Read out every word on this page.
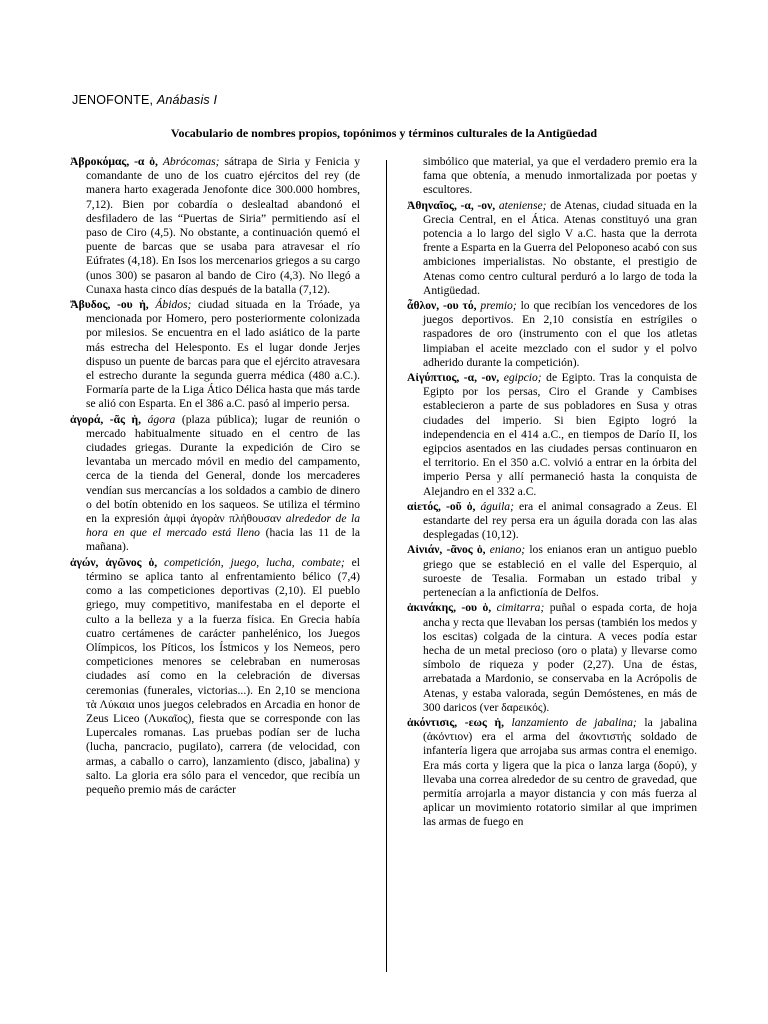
JENOFONTE, Anábasis I
Vocabulario de nombres propios, topónimos y términos culturales de la Antigüedad

Ἀβροκόμας, -α ὁ, Abrócomas; sátrapa de Siria y Fenicia y comandante de uno de los cuatro ejércitos del rey (de manera harto exagerada Jenofonte dice 300.000 hombres, 7,12). Bien por cobardía o deslealtad abandonó el desfiladero de las “Puertas de Siria” permitiendo así el paso de Ciro (4,5). No obstante, a continuación quemó el puente de barcas que se usaba para atravesar el río Eúfrates (4,18). En Isos los mercenarios griegos a su cargo (unos 300) se pasaron al bando de Ciro (4,3). No llegó a Cunaxa hasta cinco días después de la batalla (7,12).

Ἄβυδος, -ου ἡ, Ábidos; ciudad situada en la Tróade, ya mencionada por Homero, pero posteriormente colonizada por milesios. Se encuentra en el lado asiático de la parte más estrecha del Helesponto. Es el lugar donde Jerjes dispuso un puente de barcas para que el ejército atravesara el estrecho durante la segunda guerra médica (480 a.C.). Formaría parte de la Liga Ático Délica hasta que más tarde se alió con Esparta. En el 386 a.C. pasó al imperio persa.

ἀγορά, -ᾶς ἡ, ágora (plaza pública); lugar de reunión o mercado habitualmente situado en el centro de las ciudades griegas. Durante la expedición de Ciro se levantaba un mercado móvil en medio del campamento, cerca de la tienda del General, donde los mercaderes vendían sus mercancías a los soldados a cambio de dinero o del botín obtenido en los saqueos. Se utiliza el término en la expresión ἀμφὶ ἀγορὰν πλήθουσαν alrededor de la hora en que el mercado está lleno (hacia las 11 de la mañana).

ἀγών, ἀγῶνος ὁ, competición, juego, lucha, combate; el término se aplica tanto al enfrentamiento bélico (7,4) como a las competiciones deportivas (2,10). El pueblo griego, muy competitivo, manifestaba en el deporte el culto a la belleza y a la fuerza física. En Grecia había cuatro certámenes de carácter panhelénico, los Juegos Olímpicos, los Píticos, los Ístmicos y los Nemeos, pero competiciones menores se celebraban en numerosas ciudades así como en la celebración de diversas ceremonias (funerales, victorias...). En 2,10 se menciona τὰ Λύκαια unos juegos celebrados en Arcadia en honor de Zeus Liceo (Λυκαῖος), fiesta que se corresponde con las Lupercales romanas. Las pruebas podían ser de lucha (lucha, pancracio, pugilato), carrera (de velocidad, con armas, a caballo o carro), lanzamiento (disco, jabalina) y salto. La gloria era sólo para el vencedor, que recibía un pequeño premio más de carácter

simbólico que material, ya que el verdadero premio era la fama que obtenía, a menudo inmortalizada por poetas y escultores.

Ἀθηναῖος, -α, -ον, ateniense; de Atenas, ciudad situada en la Grecia Central, en el Ática. Atenas constituyó una gran potencia a lo largo del siglo V a.C. hasta que la derrota frente a Esparta en la Guerra del Peloponeso acabó con sus ambiciones imperialistas. No obstante, el prestigio de Atenas como centro cultural perduró a lo largo de toda la Antigüedad.

ἆθλον, -ου τό, premio; lo que recibían los vencedores de los juegos deportivos. En 2,10 consistía en estrígiles o raspadores de oro (instrumento con el que los atletas limpiaban el aceite mezclado con el sudor y el polvo adherido durante la competición).

Αἰγύπτιος, -α, -ον, egipcio; de Egipto. Tras la conquista de Egipto por los persas, Ciro el Grande y Cambises establecieron a parte de sus pobladores en Susa y otras ciudades del imperio. Si bien Egipto logró la independencia en el 414 a.C., en tiempos de Darío II, los egipcios asentados en las ciudades persas continuaron en el territorio. En el 350 a.C. volvió a entrar en la órbita del imperio Persa y allí permaneció hasta la conquista de Alejandro en el 332 a.C.

αἰετός, -οῦ ὁ, águila; era el animal consagrado a Zeus. El estandarte del rey persa era un águila dorada con las alas desplegadas (10,12).

Αἰνιάν, -ᾶνος ὁ, eniano; los enianos eran un antiguo pueblo griego que se estableció en el valle del Esperquio, al suroeste de Tesalia. Formaban un estado tribal y pertenecían a la anfictionía de Delfos.

ἀκινάκης, -ου ὁ, cimitarra; puñal o espada corta, de hoja ancha y recta que llevaban los persas (también los medos y los escitas) colgada de la cintura. A veces podía estar hecha de un metal precioso (oro o plata) y llevarse como símbolo de riqueza y poder (2,27). Una de éstas, arrebatada a Mardonio, se conservaba en la Acrópolis de Atenas, y estaba valorada, según Demóstenes, en más de 300 daricos (ver δαρεικός).

ἀκόντισις, -εως ἡ, lanzamiento de jabalina; la jabalina (ἀκόντιον) era el arma del ἀκοντιστής soldado de infantería ligera que arrojaba sus armas contra el enemigo. Era más corta y ligera que la pica o lanza larga (δορύ), y llevaba una correa alrededor de su centro de gravedad, que permitía arrojarla a mayor distancia y con más fuerza al aplicar un movimiento rotatorio similar al que imprimen las armas de fuego en
